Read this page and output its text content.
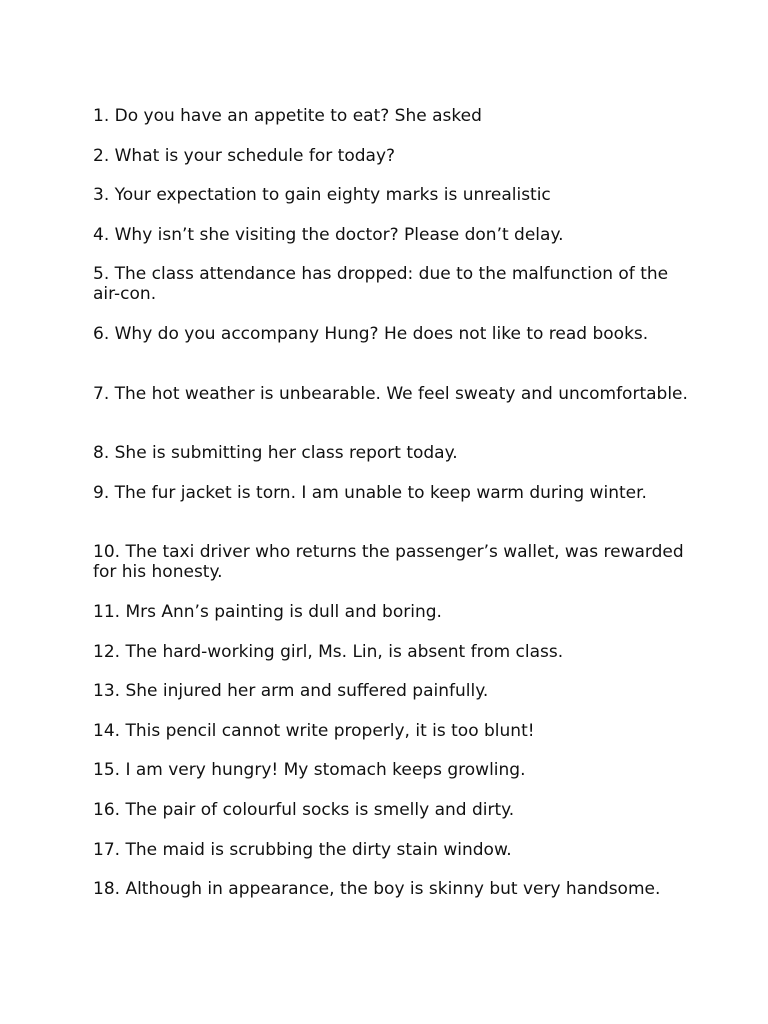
1. Do you have an appetite to eat? She asked

2. What is your schedule for today?

3. Your expectation to gain eighty marks is unrealistic

4. Why isn’t she visiting the doctor? Please don’t delay.

5. The class attendance has dropped: due to the malfunction of the air-con.

6. Why do you accompany Hung? He does not like to read books.

7. The hot weather is unbearable. We feel sweaty and uncomfortable.

8. She is submitting her class report today.

9. The fur jacket is torn. I am unable to keep warm during winter.

10. The taxi driver who returns the passenger’s wallet, was rewarded for his honesty.

11. Mrs Ann’s painting is dull and boring.

12. The hard-working girl, Ms. Lin, is absent from class.

13. She injured her arm and suffered painfully.

14. This pencil cannot write properly, it is too blunt!

15. I am very hungry! My stomach keeps growling.

16. The pair of colourful socks is smelly and dirty.

17. The maid is scrubbing the dirty stain window.

18. Although in appearance, the boy is skinny but very handsome.
